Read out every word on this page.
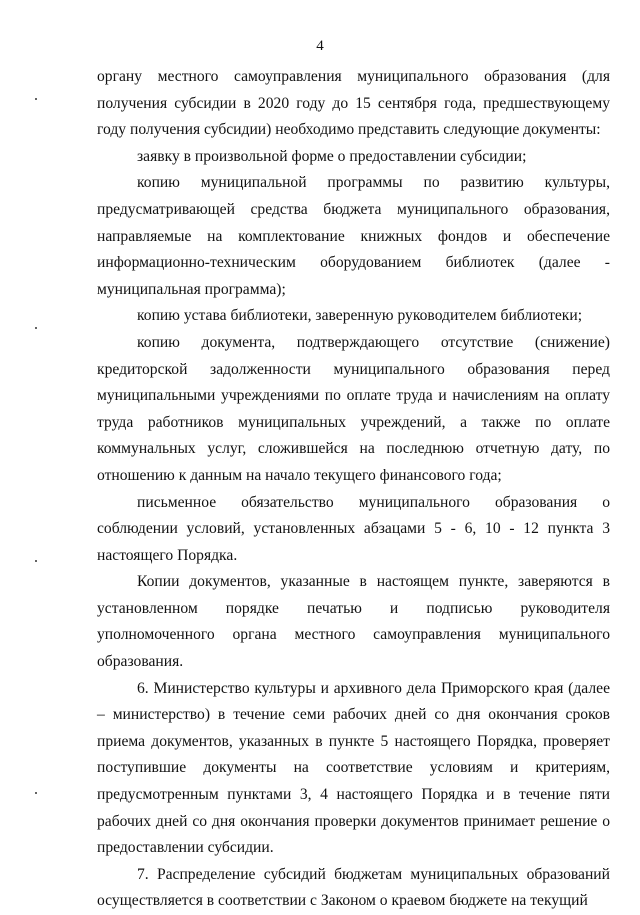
4

органу местного самоуправления муниципального образования (для получения субсидии в 2020 году до 15 сентября года, предшествующему году получения субсидии) необходимо представить следующие документы:

заявку в произвольной форме о предоставлении субсидии;

копию муниципальной программы по развитию культуры, предусматривающей средства бюджета муниципального образования, направляемые на комплектование книжных фондов и обеспечение информационно-техническим оборудованием библиотек (далее - муниципальная программа);

копию устава библиотеки, заверенную руководителем библиотеки;

копию документа, подтверждающего отсутствие (снижение) кредиторской задолженности муниципального образования перед муниципальными учреждениями по оплате труда и начислениям на оплату труда работников муниципальных учреждений, а также по оплате коммунальных услуг, сложившейся на последнюю отчетную дату, по отношению к данным на начало текущего финансового года;

письменное обязательство муниципального образования о соблюдении условий, установленных абзацами 5 - 6, 10 - 12 пункта 3 настоящего Порядка.

Копии документов, указанные в настоящем пункте, заверяются в установленном порядке печатью и подписью руководителя уполномоченного органа местного самоуправления муниципального образования.

6. Министерство культуры и архивного дела Приморского края (далее – министерство) в течение семи рабочих дней со дня окончания сроков приема документов, указанных в пункте 5 настоящего Порядка, проверяет поступившие документы на соответствие условиям и критериям, предусмотренным пунктами 3, 4 настоящего Порядка и в течение пяти рабочих дней со дня окончания проверки документов принимает решение о предоставлении субсидии.

7. Распределение субсидий бюджетам муниципальных образований осуществляется в соответствии с Законом о краевом бюджете на текущий
